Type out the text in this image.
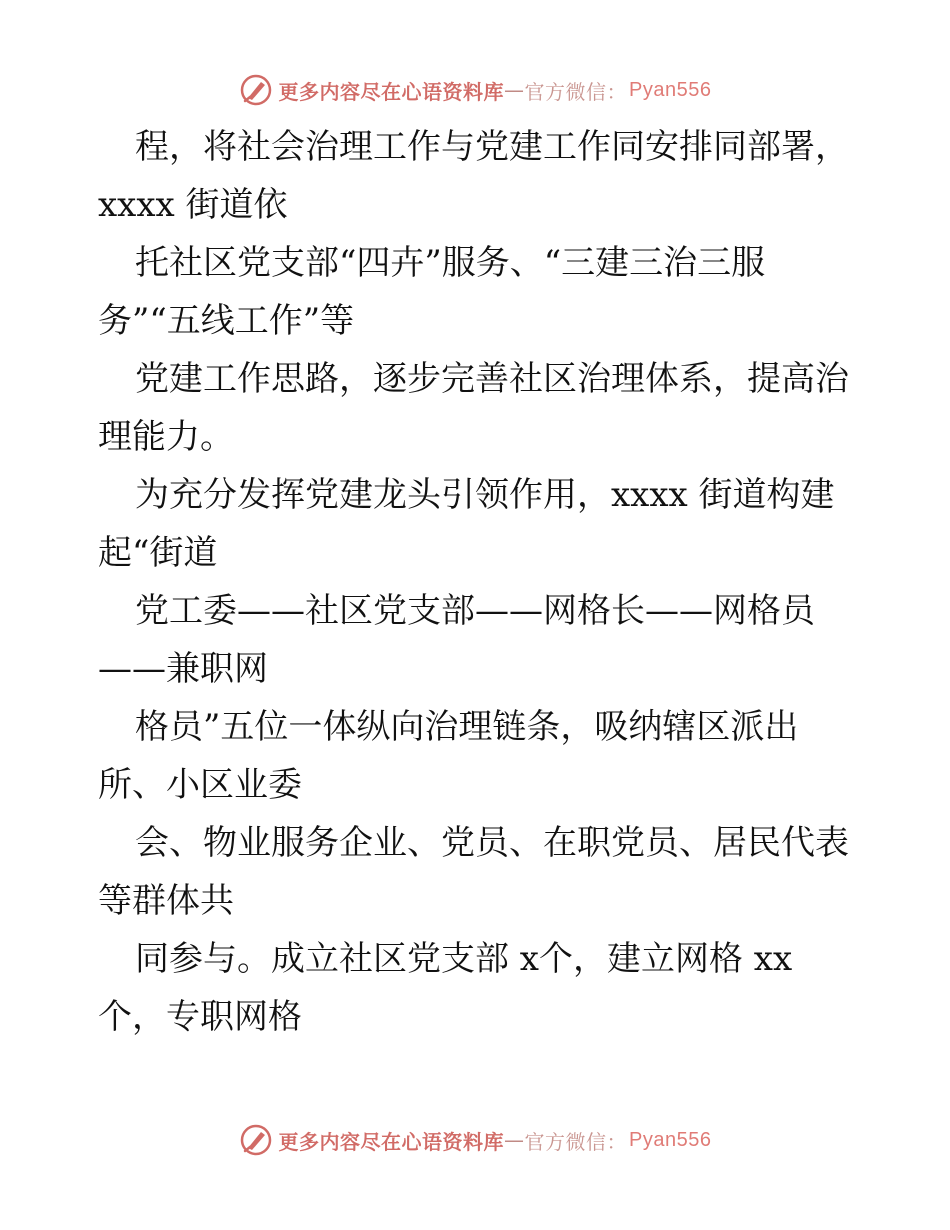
更多内容尽在心语资料库 — 官方微信： Pyan556
程，将社会治理工作与党建工作同安排同部署，
xxxx 街道依
托社区党支部“四卉”服务、“三建三治三服
务”“五线工作”等
党建工作思路，逐步完善社区治理体系，提高治
理能力。
为充分发挥党建龙头引领作用，xxxx 街道构建
起“街道
党工委——社区党支部——网格长——网格员
——兼职网
格员”五位一体纵向治理链条，吸纳辖区派出
所、小区业委
会、物业服务企业、党员、在职党员、居民代表
等群体共
同参与。成立社区党支部 x个，建立网格 xx
个，专职网格
更多内容尽在心语资料库 — 官方微信： Pyan556
